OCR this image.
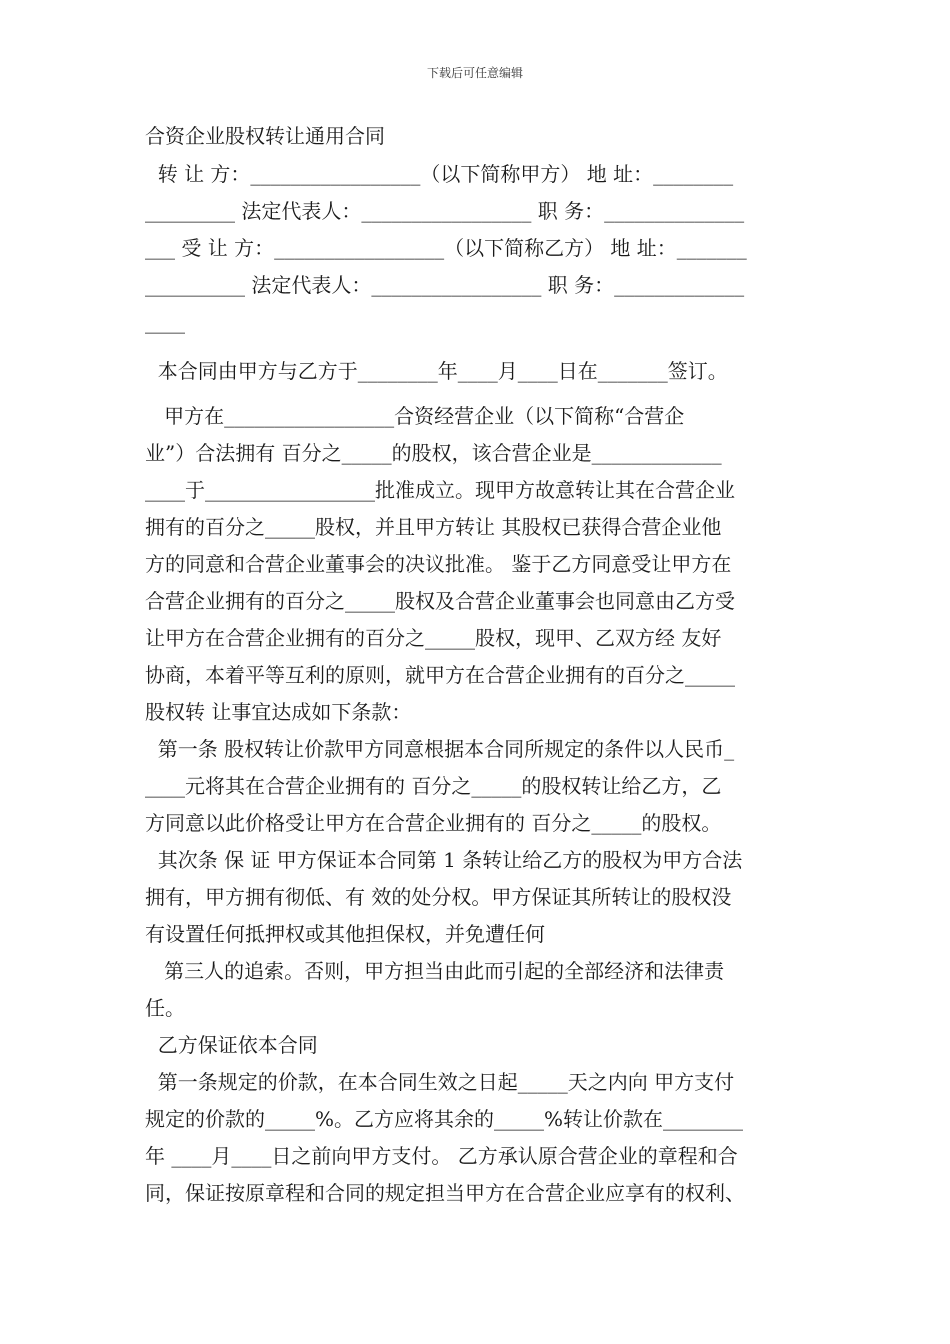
下载后可任意编辑
合资企业股权转让通用合同
转 让 方：_________________（以下简称甲方） 地 址：________
_________ 法定代表人：_________________ 职 务：______________
___ 受 让 方：_________________（以下简称乙方） 地 址：_______
__________ 法定代表人：_________________ 职 务：_____________
____
本合同由甲方与乙方于________年____月____日在_______签订。
甲方在_________________合资经营企业（以下简称“合营企
业”）合法拥有 百分之_____的股权，该合营企业是_____________
____于_________________批准成立。现甲方故意转让其在合营企业
拥有的百分之_____股权，并且甲方转让 其股权已获得合营企业他
方的同意和合营企业董事会的决议批准。 鉴于乙方同意受让甲方在
合营企业拥有的百分之_____股权及合营企业董事会也同意由乙方受
让甲方在合营企业拥有的百分之_____股权，现甲、乙双方经 友好
协商，本着平等互利的原则，就甲方在合营企业拥有的百分之_____
股权转 让事宜达成如下条款：
第一条 股权转让价款甲方同意根据本合同所规定的条件以人民币_
____元将其在合营企业拥有的 百分之_____的股权转让给乙方，乙
方同意以此价格受让甲方在合营企业拥有的 百分之_____的股权。
其次条 保 证 甲方保证本合同第 1 条转让给乙方的股权为甲方合法
拥有，甲方拥有彻低、有 效的处分权。甲方保证其所转让的股权没
有设置任何抵押权或其他担保权，并免遭任何
第三人的追索。否则，甲方担当由此而引起的全部经济和法律责
任。
乙方保证依本合同
第一条规定的价款，在本合同生效之日起_____天之内向 甲方支付
规定的价款的_____%。乙方应将其余的_____%转让价款在________
年 ____月____日之前向甲方支付。 乙方承认原合营企业的章程和合
同，保证按原章程和合同的规定担当甲方在合营企业应享有的权利、
